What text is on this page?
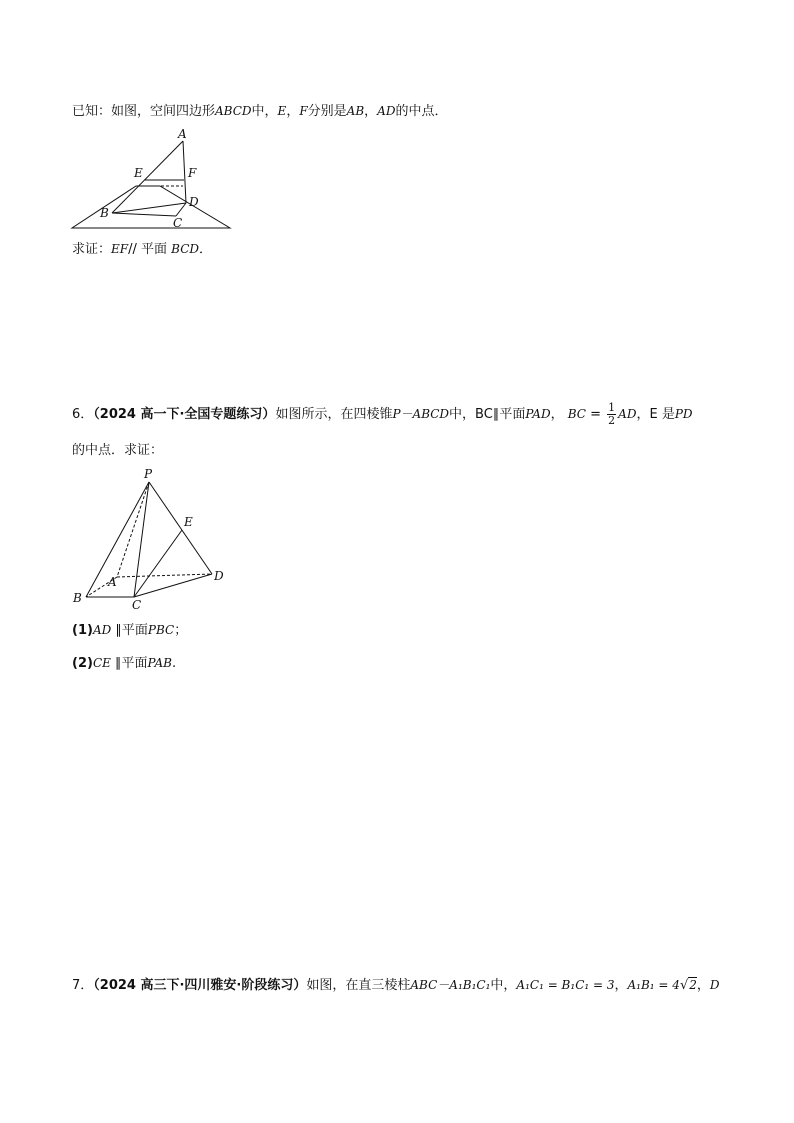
已知：如图，空间四边形ABCD中，E，F分别是AB，AD的中点．
A
E	F
B
D
C
求证：EF// 平面 BCD．
6．（2024 高一下·全国专题练习）如图所示，在四棱锥P－ABCD中，BC∥平面PAD， BC = $\frac{1}{2}$ AD，E 是PD
的中点．求证：
P
E
A	D
B	C
(1)AD ∥平面PBC；
(2)CE ∥平面PAB.
7．（2024 高三下·四川雅安·阶段练习）如图，在直三棱柱ABC－A₁B₁C₁中，A₁C₁ = B₁C₁ = 3，A₁B₁ = 4√2，D
